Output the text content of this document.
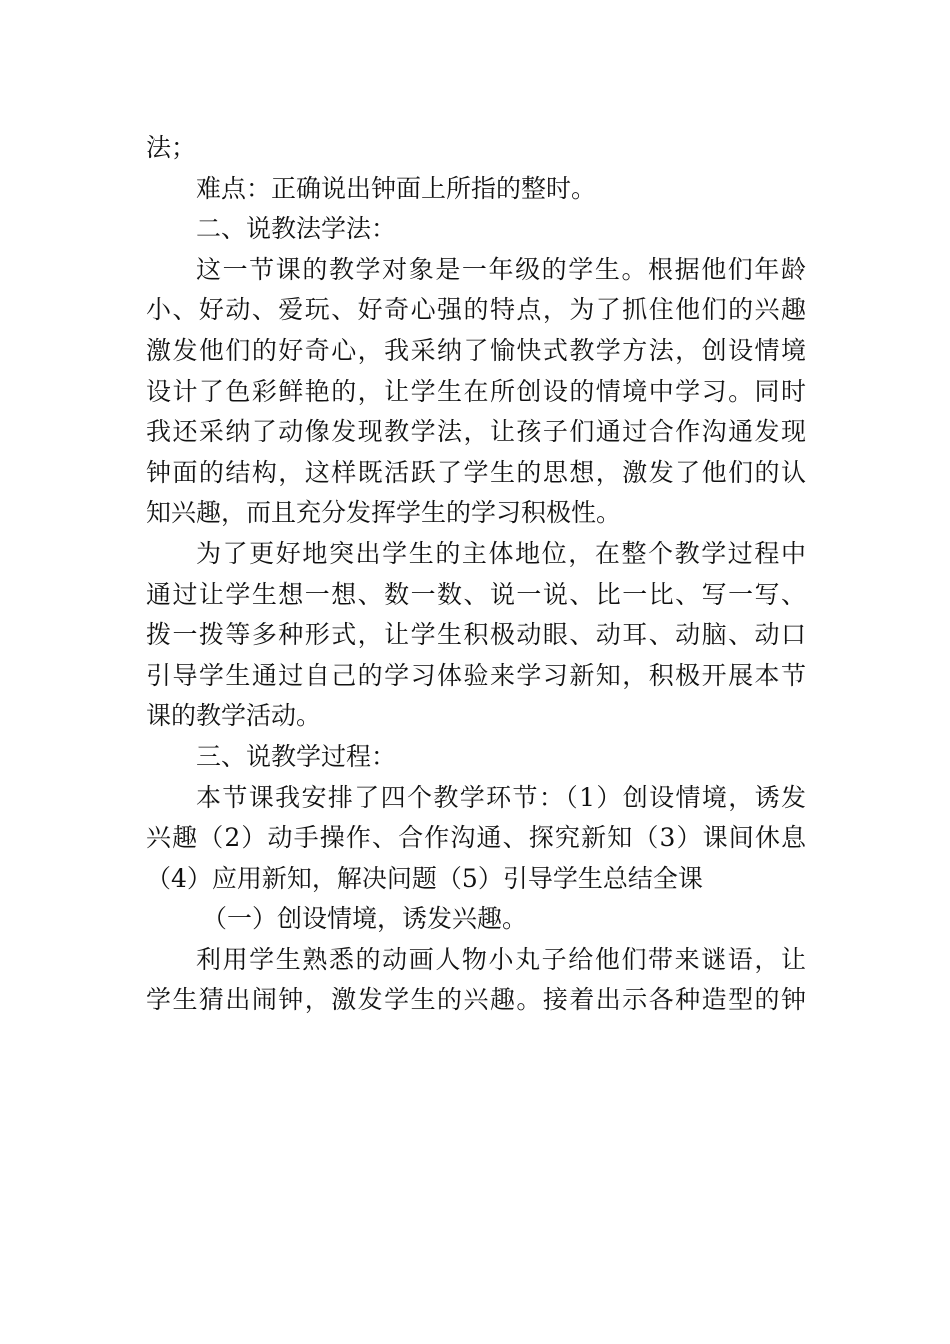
法；
难点：正确说出钟面上所指的整时。
二、说教法学法：
这一节课的教学对象是一年级的学生。根据他们年龄
小、好动、爱玩、好奇心强的特点，为了抓住他们的兴趣
激发他们的好奇心，我采纳了愉快式教学方法，创设情境
设计了色彩鲜艳的，让学生在所创设的情境中学习。同时
我还采纳了动像发现教学法，让孩子们通过合作沟通发现
钟面的结构，这样既活跃了学生的思想，激发了他们的认
知兴趣，而且充分发挥学生的学习积极性。
为了更好地突出学生的主体地位，在整个教学过程中
通过让学生想一想、数一数、说一说、比一比、写一写、
拨一拨等多种形式，让学生积极动眼、动耳、动脑、动口
引导学生通过自己的学习体验来学习新知，积极开展本节
课的教学活动。
三、说教学过程：
本节课我安排了四个教学环节：（1）创设情境，诱发
兴趣（2）动手操作、合作沟通、探究新知（3）课间休息
（4）应用新知，解决问题（5）引导学生总结全课
（一）创设情境，诱发兴趣。
利用学生熟悉的动画人物小丸子给他们带来谜语，让
学生猜出闹钟，激发学生的兴趣。接着出示各种造型的钟
